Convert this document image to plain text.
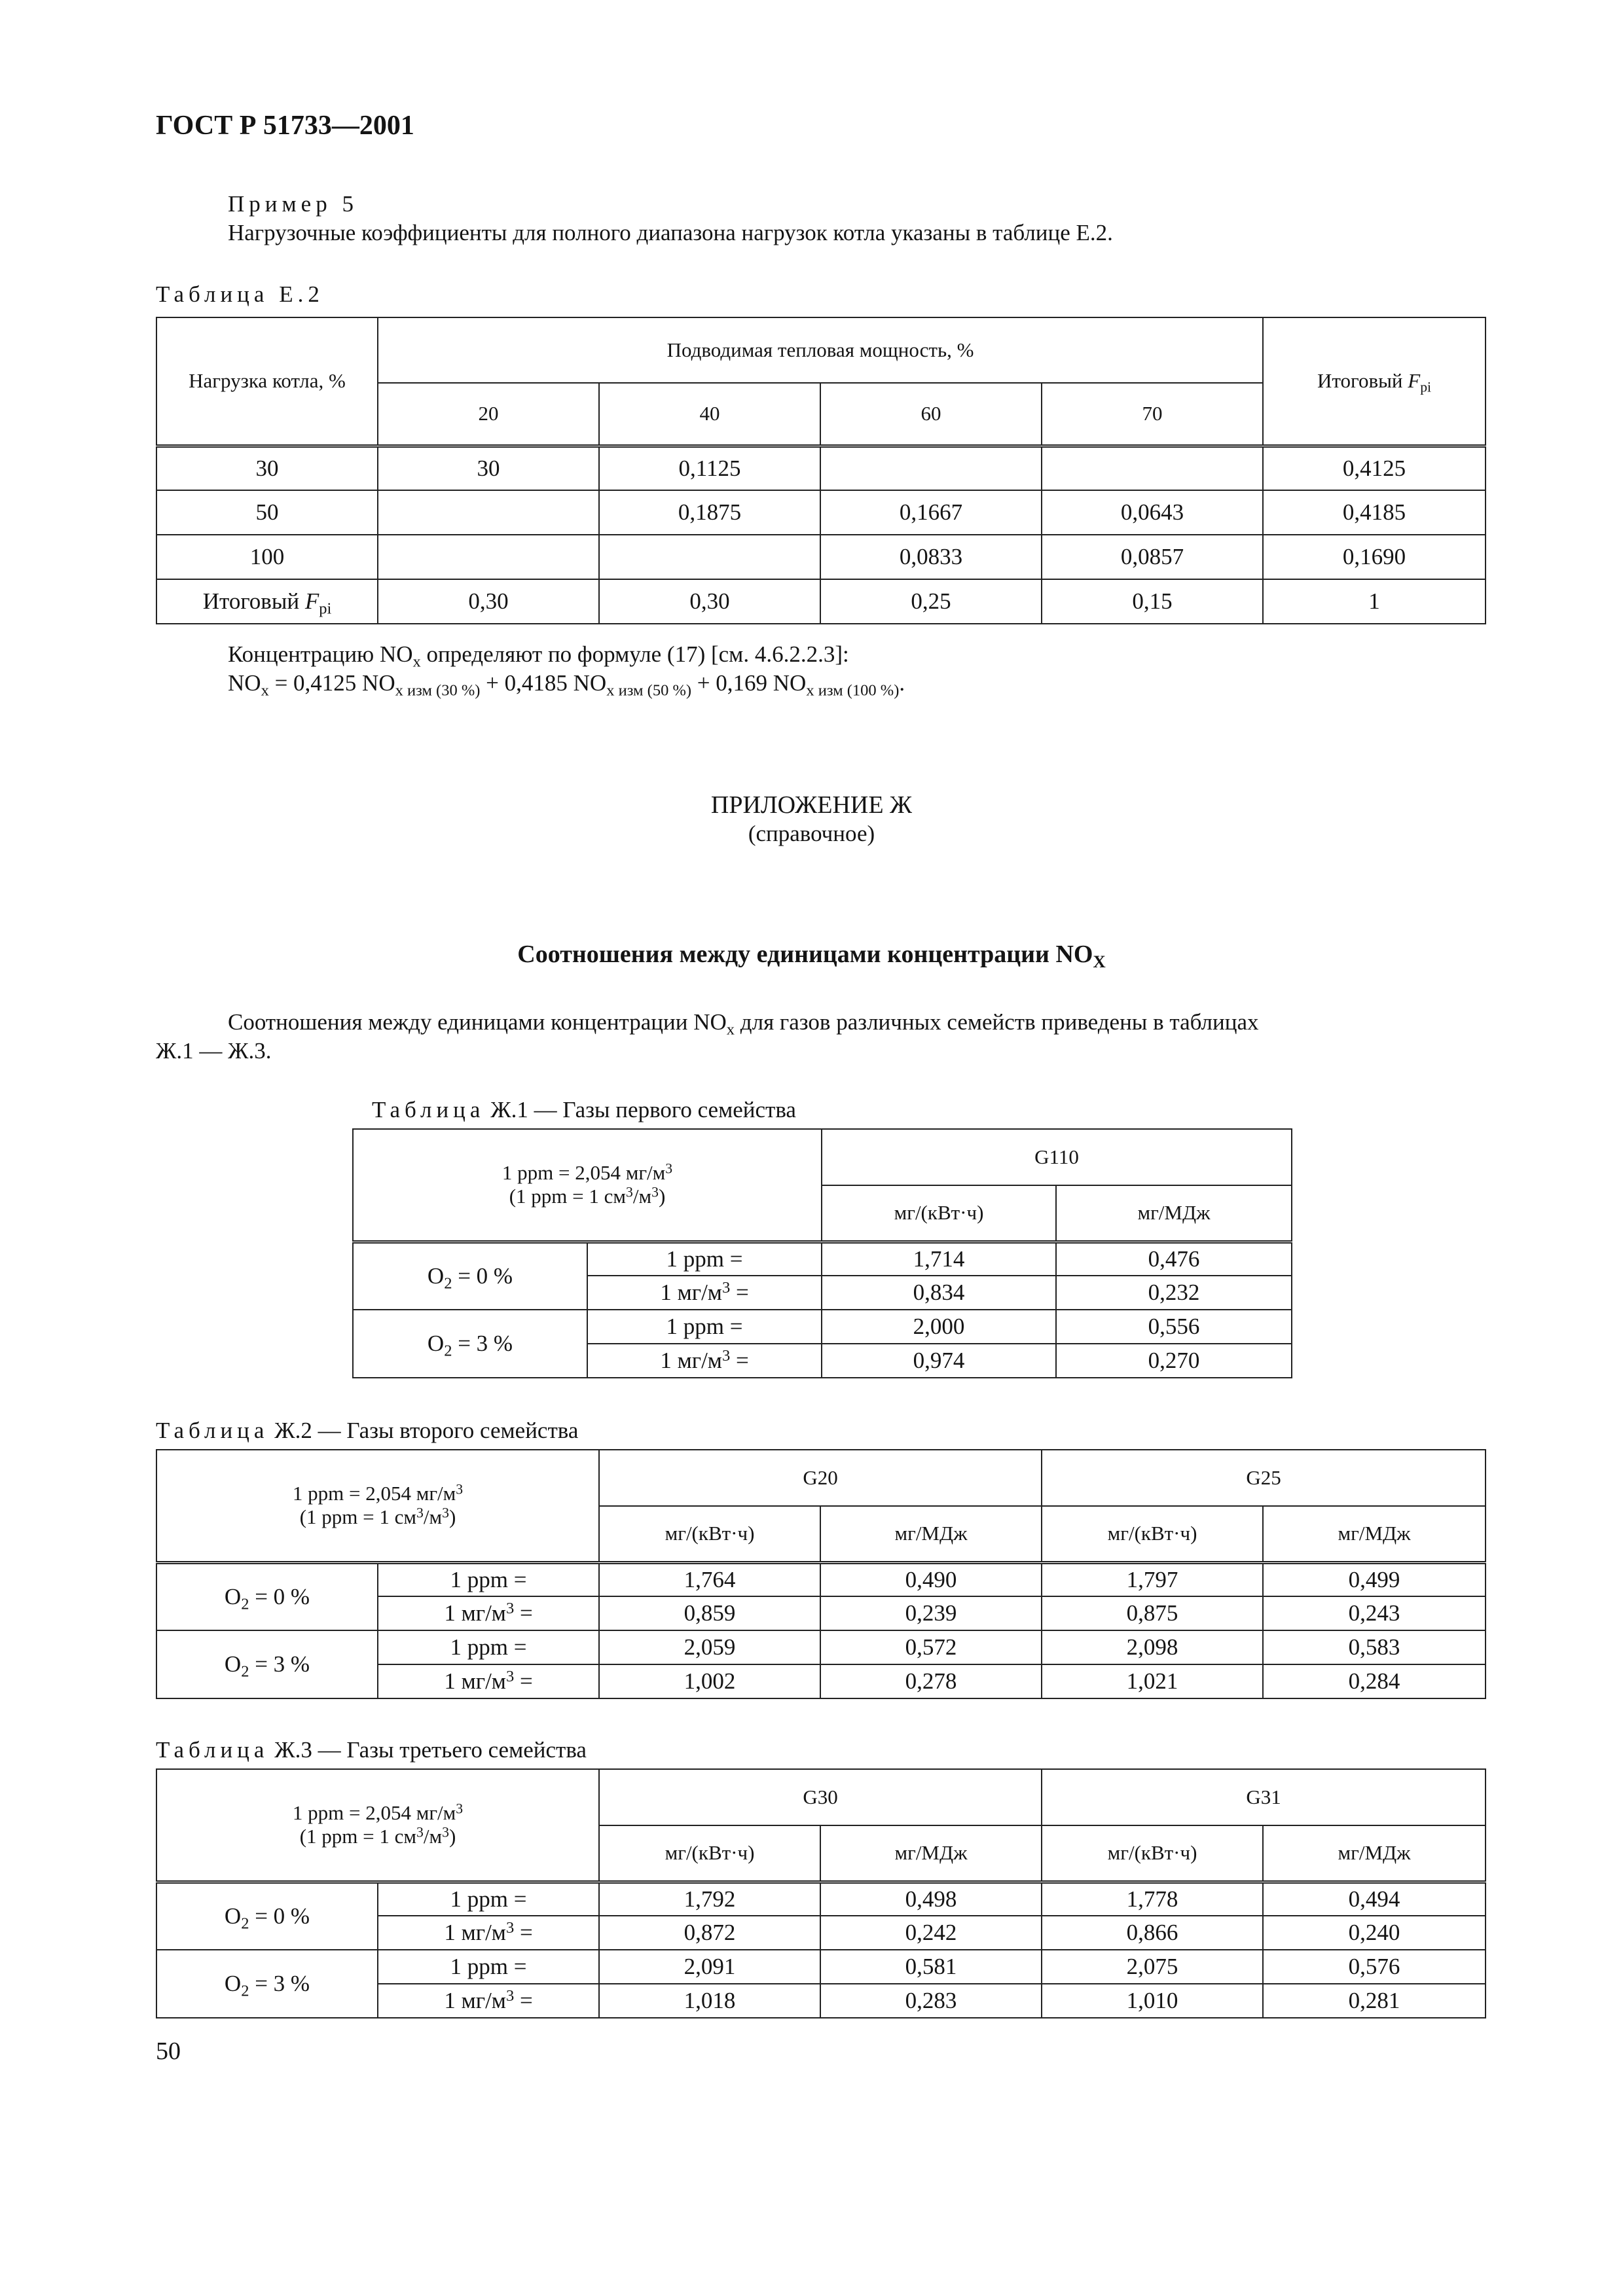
ГОСТ Р 51733—2001
Пример 5
Нагрузочные коэффициенты для полного диапазона нагрузок котла указаны в таблице Е.2.
Таблица Е.2
Нагрузка котла, %	Подводимая тепловая мощность, %				Итоговый $F_{pi}$
	20	40	60	70	
30	30	0,1125			0,4125
50		0,1875	0,1667	0,0643	0,4185
100			0,0833	0,0857	0,1690
Итоговый $F_{pi}$	0,30	0,30	0,25	0,15	1
Концентрацию $NO_x$ определяют по формуле (17) [см. 4.6.2.2.3]:
$NO_x = 0,4125$ $NO_{x изм (30 \%)} + 0,4185$ $NO_{x изм (50 \%)} + 0,169$ $NO_{x изм (100 \%)}$.
ПРИЛОЖЕНИЕ Ж
(справочное)
Соотношения между единицами концентрации $NO_X$
Соотношения между единицами концентрации $NO_x$ для газов различных семейств приведены в таблицах
Ж.1 — Ж.3.
Таблица Ж.1 — Газы первого семейства
1 ppm = 2,054 $мг/м^3$
(1 ppm = 1 $см^3/м^3$)		G110	
		мг/(кВт·ч)	мг/МДж
$O_2 = 0$ %	1 ppm =	1,714	0,476
	1 $мг/м^3$ =	0,834	0,232
$O_2 = 3$ %	1 ppm =	2,000	0,556
	1 $мг/м^3$ =	0,974	0,270
Таблица Ж.2 — Газы второго семейства
1 ppm = 2,054 $мг/м^3$
(1 ppm = 1 $см^3/м^3$)		G20		G25	
		мг/(кВт·ч)	мг/МДж	мг/(кВт·ч)	мг/МДж
$O_2 = 0$ %	1 ppm =	1,764	0,490	1,797	0,499
	1 $мг/м^3$ =	0,859	0,239	0,875	0,243
$O_2 = 3$ %	1 ppm =	2,059	0,572	2,098	0,583
	1 $мг/м^3$ =	1,002	0,278	1,021	0,284
Таблица Ж.3 — Газы третьего семейства
1 ppm = 2,054 $мг/м^3$
(1 ppm = 1 $см^3/м^3$)		G30		G31	
		мг/(кВт·ч)	мг/МДж	мг/(кВт·ч)	мг/МДж
$O_2 = 0$ %	1 ppm =	1,792	0,498	1,778	0,494
	1 $мг/м^3$ =	0,872	0,242	0,866	0,240
$O_2 = 3$ %	1 ppm =	2,091	0,581	2,075	0,576
	1 $мг/м^3$ =	1,018	0,283	1,010	0,281
50
